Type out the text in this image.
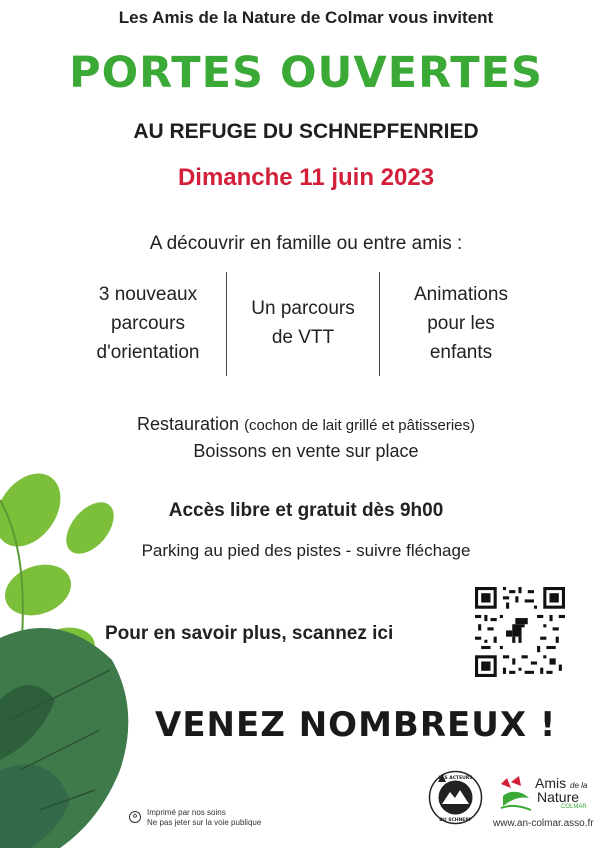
Les Amis de la Nature de Colmar vous invitent
PORTES OUVERTES
AU REFUGE DU SCHNEPFENRIED
Dimanche 11 juin 2023
A découvrir en famille ou entre amis :
3 nouveaux
parcours
d'orientation
Un parcours
de VTT
Animations
pour les
enfants
Restauration (cochon de lait grillé et pâtisseries)
Boissons en vente sur place
Accès libre et gratuit dès 9h00
Parking au pied des pistes - suivre fléchage
Pour en savoir plus, scannez ici
VENEZ NOMBREUX !
♻	Imprimé par nos soins
Ne pas jeter sur la voie publique
LES ACTEURS
DU SCHNEPF
Amis de la
Nature
COLMAR
www.an-colmar.asso.fr
